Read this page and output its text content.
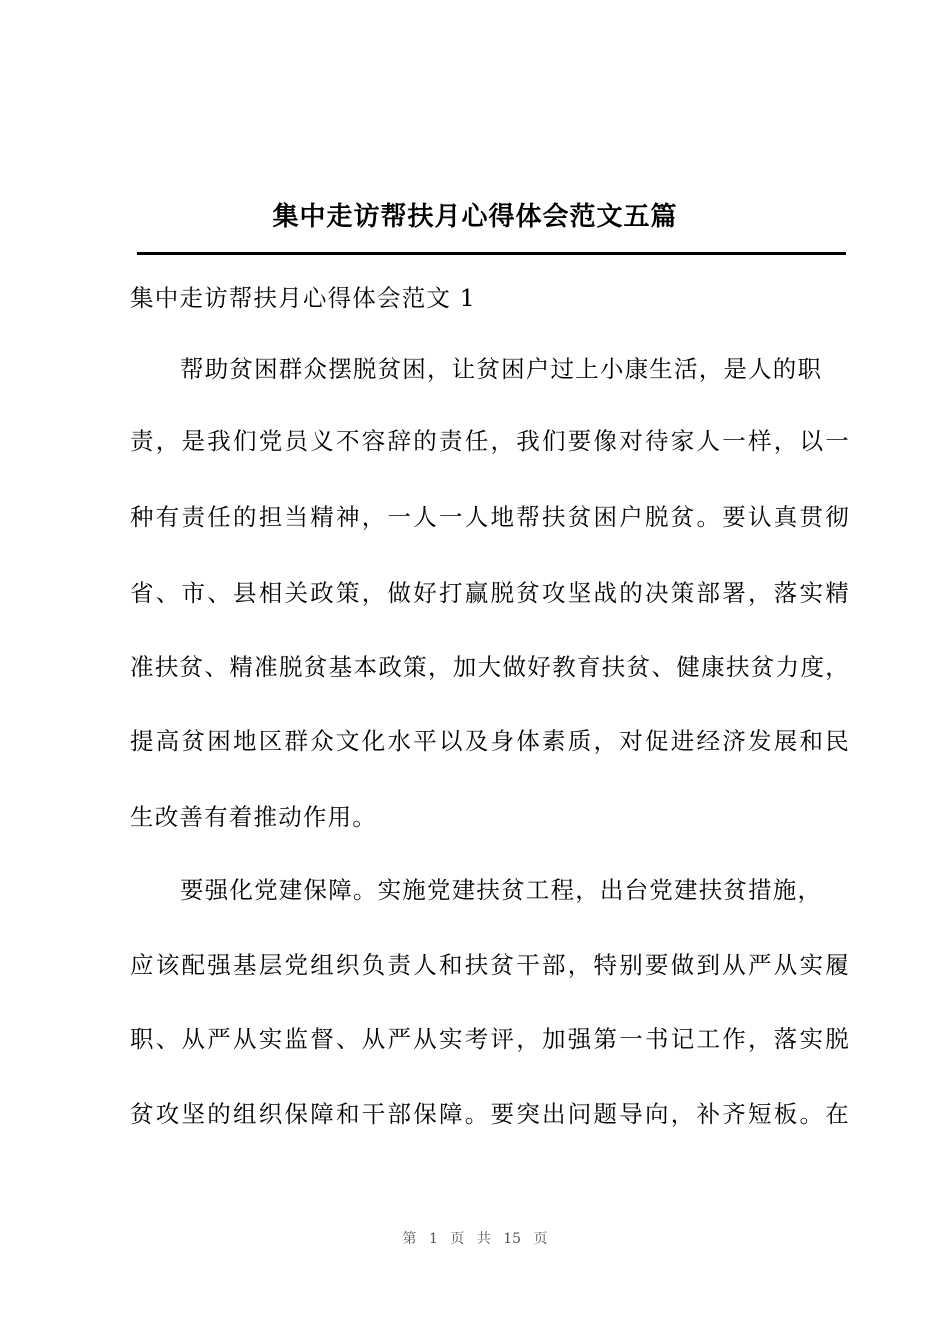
集中走访帮扶月心得体会范文五篇
集中走访帮扶月心得体会范文 1
帮助贫困群众摆脱贫困，让贫困户过上小康生活，是人的职
责，是我们党员义不容辞的责任，我们要像对待家人一样，以一
种有责任的担当精神，一人一人地帮扶贫困户脱贫。要认真贯彻
省、市、县相关政策，做好打赢脱贫攻坚战的决策部署，落实精
准扶贫、精准脱贫基本政策，加大做好教育扶贫、健康扶贫力度，
提高贫困地区群众文化水平以及身体素质，对促进经济发展和民
生改善有着推动作用。
要强化党建保障。实施党建扶贫工程，出台党建扶贫措施，
应该配强基层党组织负责人和扶贫干部，特别要做到从严从实履
职、从严从实监督、从严从实考评，加强第一书记工作，落实脱
贫攻坚的组织保障和干部保障。要突出问题导向，补齐短板。在
第 1 页 共 15 页
